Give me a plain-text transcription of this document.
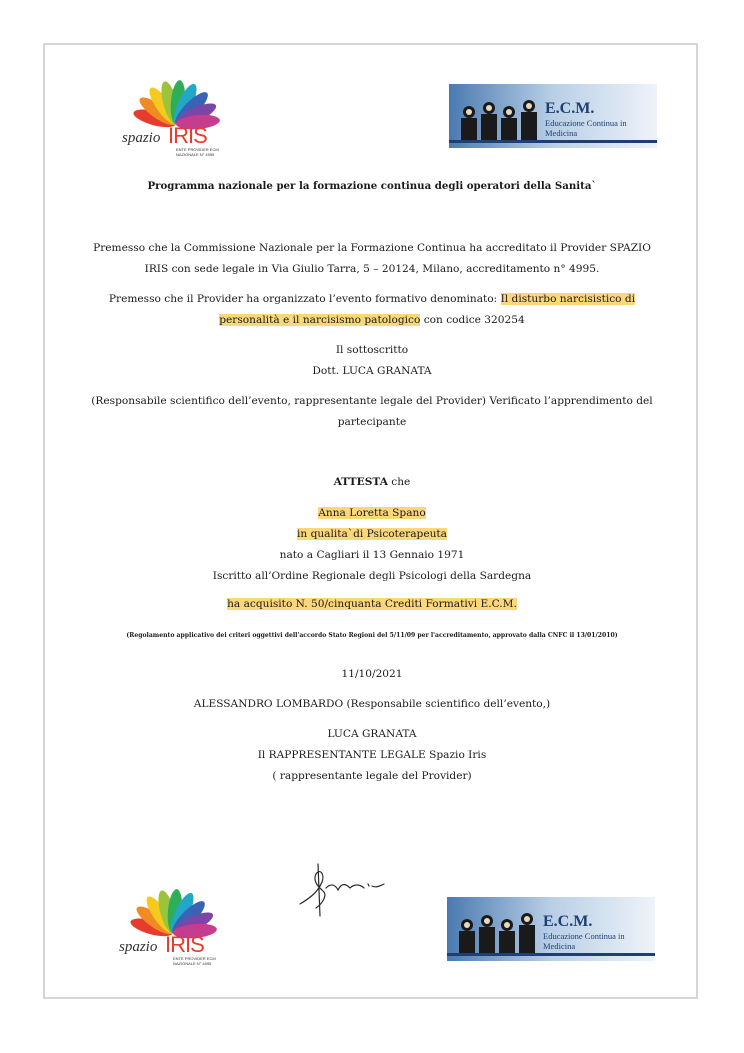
spazio IRIS
ENTE PROVIDER ECM
NAZIONALE N° 4995
E.C.M.
Educazione Continua in Medicina
Programma nazionale per la formazione continua degli operatori della Sanita`
Premesso che la Commissione Nazionale per la Formazione Continua ha accreditato il Provider SPAZIO
IRIS con sede legale in Via Giulio Tarra, 5 – 20124, Milano, accreditamento n° 4995.
Premesso che il Provider ha organizzato l’evento formativo denominato: Il disturbo narcisistico di
personalità e il narcisismo patologico con codice 320254
Il sottoscritto
Dott. LUCA GRANATA
(Responsabile scientifico dell’evento, rappresentante legale del Provider) Verificato l’apprendimento del
partecipante
ATTESTA che
Anna Loretta Spano
in qualita`di Psicoterapeuta
nato a Cagliari il 13 Gennaio 1971
Iscritto all’Ordine Regionale degli Psicologi della Sardegna
ha acquisito N. 50/cinquanta Crediti Formativi E.C.M.
(Regolamento applicativo dei criteri oggettivi dell'accordo Stato Regioni del 5/11/09 per l'accreditamento, approvato dalla CNFC il 13/01/2010)
11/10/2021
ALESSANDRO LOMBARDO (Responsabile scientifico dell’evento,)
LUCA GRANATA
Il RAPPRESENTANTE LEGALE Spazio Iris
( rappresentante legale del Provider)
spazio IRIS
ENTE PROVIDER ECM
NAZIONALE N° 4995
E.C.M.
Educazione Continua in Medicina
